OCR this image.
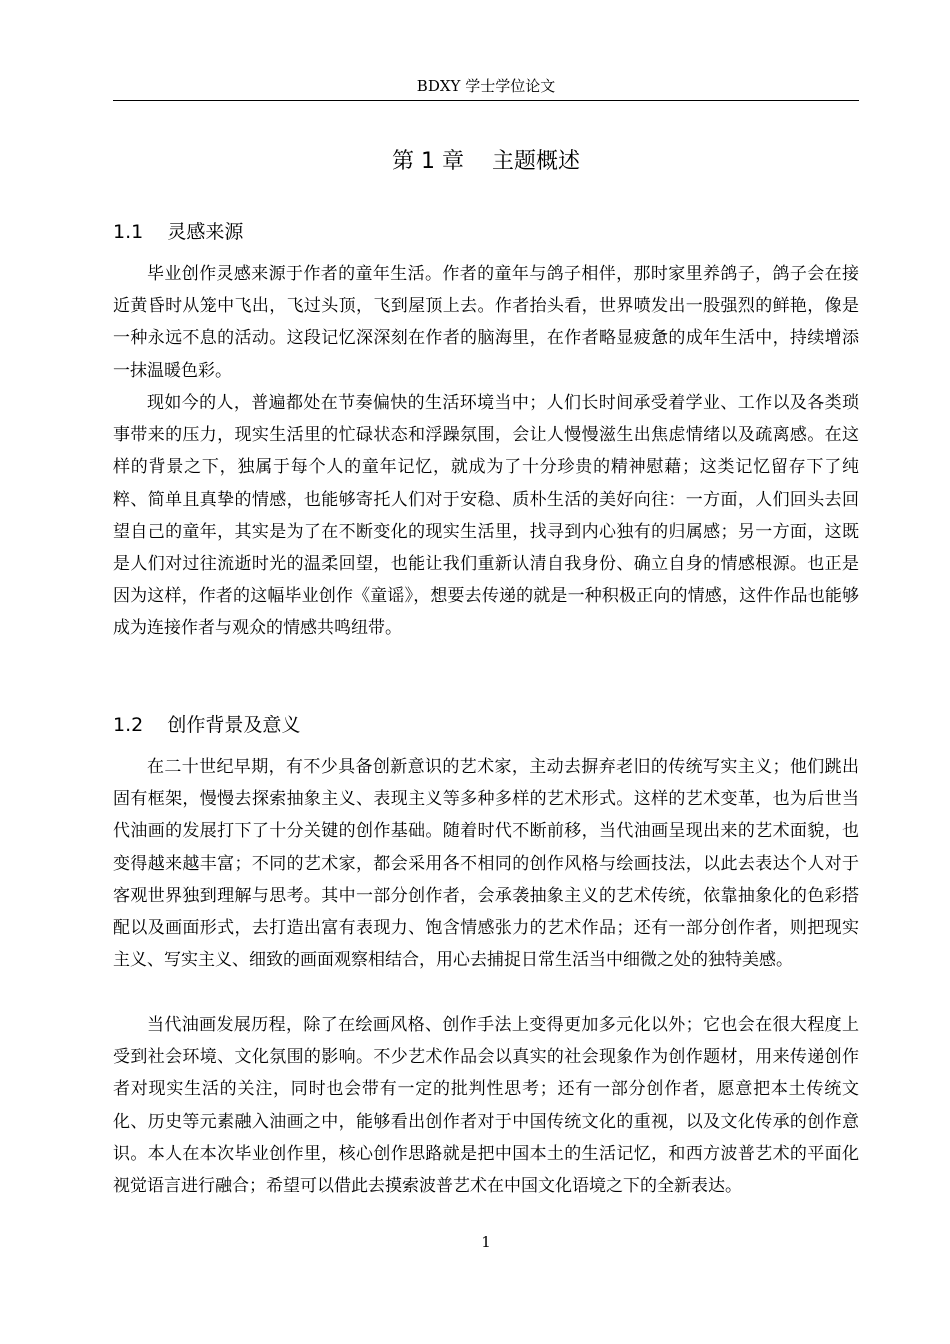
BDXY 学士学位论文
第 1 章    主题概述
1.1    灵感来源

毕业创作灵感来源于作者的童年生活。作者的童年与鸽子相伴，那时家里养鸽子，鸽子会在接近黄昏时从笼中飞出，飞过头顶，飞到屋顶上去。作者抬头看，世界喷发出一股强烈的鲜艳，像是一种永远不息的活动。这段记忆深深刻在作者的脑海里，在作者略显疲惫的成年生活中，持续增添一抹温暖色彩。

现如今的人，普遍都处在节奏偏快的生活环境当中；人们长时间承受着学业、工作以及各类琐事带来的压力，现实生活里的忙碌状态和浮躁氛围，会让人慢慢滋生出焦虑情绪以及疏离感。在这样的背景之下，独属于每个人的童年记忆，就成为了十分珍贵的精神慰藉；这类记忆留存下了纯粹、简单且真挚的情感，也能够寄托人们对于安稳、质朴生活的美好向往：一方面，人们回头去回望自己的童年，其实是为了在不断变化的现实生活里，找寻到内心独有的归属感；另一方面，这既是人们对过往流逝时光的温柔回望，也能让我们重新认清自我身份、确立自身的情感根源。也正是因为这样，作者的这幅毕业创作《童谣》，想要去传递的就是一种积极正向的情感，这件作品也能够成为连接作者与观众的情感共鸣纽带。

1.2    创作背景及意义

在二十世纪早期，有不少具备创新意识的艺术家，主动去摒弃老旧的传统写实主义；他们跳出固有框架，慢慢去探索抽象主义、表现主义等多种多样的艺术形式。这样的艺术变革，也为后世当代油画的发展打下了十分关键的创作基础。随着时代不断前移，当代油画呈现出来的艺术面貌，也变得越来越丰富；不同的艺术家，都会采用各不相同的创作风格与绘画技法，以此去表达个人对于客观世界独到理解与思考。其中一部分创作者，会承袭抽象主义的艺术传统，依靠抽象化的色彩搭配以及画面形式，去打造出富有表现力、饱含情感张力的艺术作品；还有一部分创作者，则把现实主义、写实主义、细致的画面观察相结合，用心去捕捉日常生活当中细微之处的独特美感。

当代油画发展历程，除了在绘画风格、创作手法上变得更加多元化以外；它也会在很大程度上受到社会环境、文化氛围的影响。不少艺术作品会以真实的社会现象作为创作题材，用来传递创作者对现实生活的关注，同时也会带有一定的批判性思考；还有一部分创作者，愿意把本土传统文化、历史等元素融入油画之中，能够看出创作者对于中国传统文化的重视，以及文化传承的创作意识。本人在本次毕业创作里，核心创作思路就是把中国本土的生活记忆，和西方波普艺术的平面化视觉语言进行融合；希望可以借此去摸索波普艺术在中国文化语境之下的全新表达。

1
